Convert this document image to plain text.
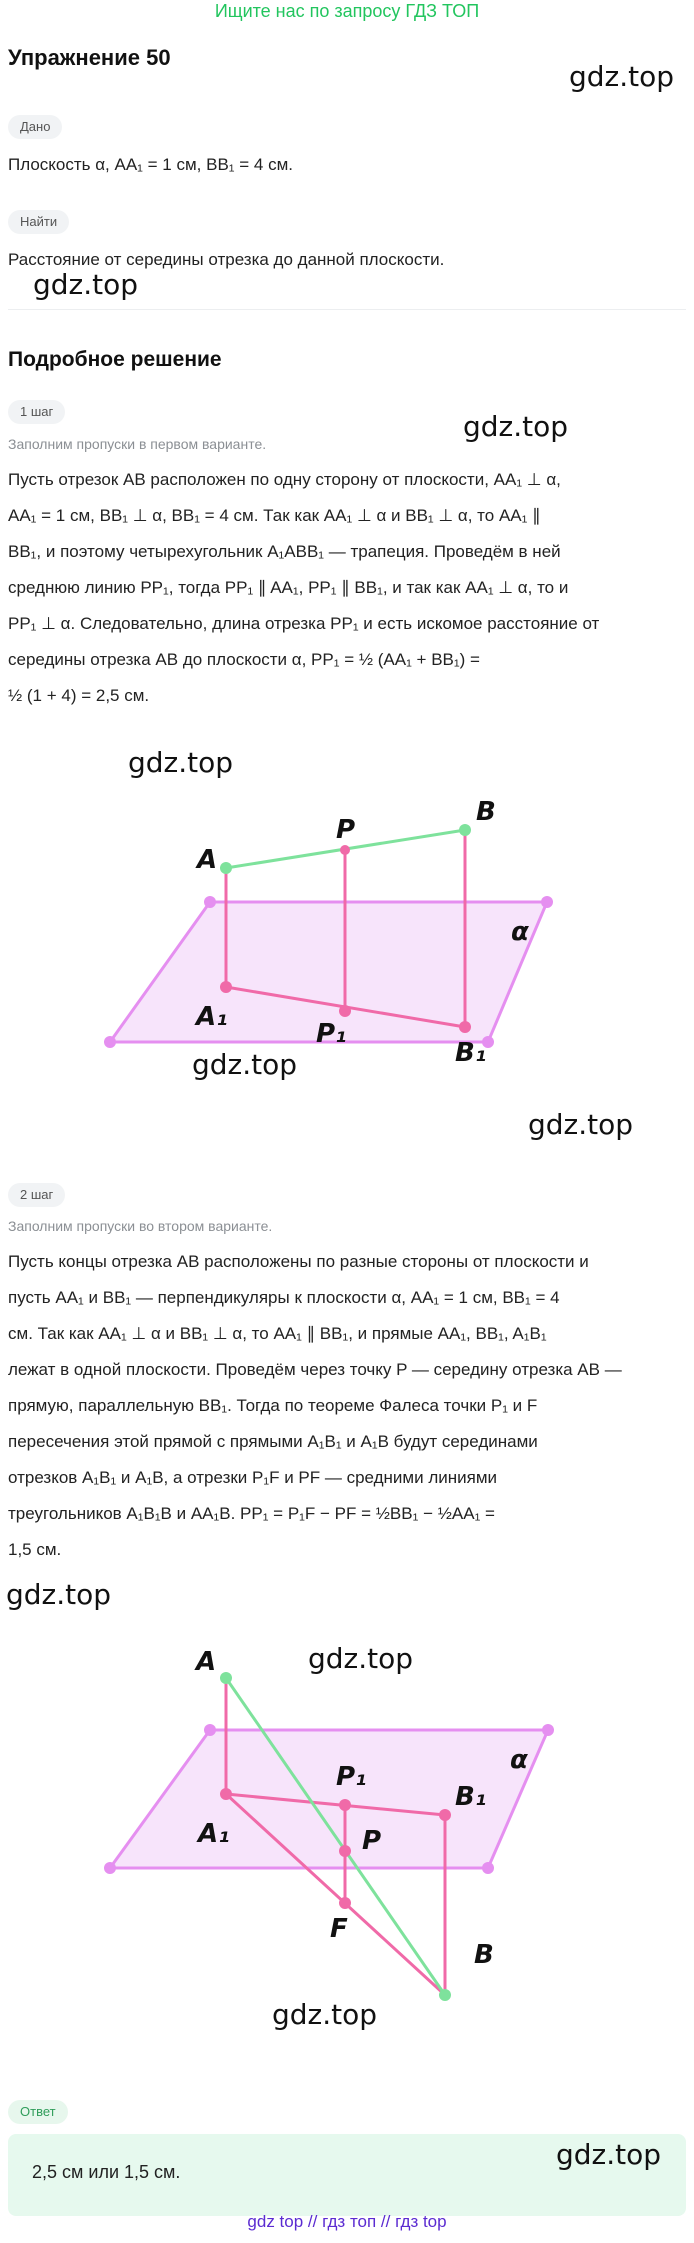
Ищите нас по запросу ГДЗ ТОП
Упражнение 50
gdz.top
Дано
Плоскость α, AA₁ = 1 см, BB₁ = 4 см.
Найти
Расстояние от середины отрезка до данной плоскости.
gdz.top
Подробное решение
1 шаг
Заполним пропуски в первом варианте.
gdz.top
Пусть отрезок AB расположен по одну сторону от плоскости, AA₁ ⊥ α,
AA₁ = 1 см, BB₁ ⊥ α, BB₁ = 4 см. Так как AA₁ ⊥ α и BB₁ ⊥ α, то AA₁ ∥
BB₁, и поэтому четырехугольник A₁ABB₁ — трапеция. Проведём в ней
среднюю линию PP₁, тогда PP₁ ∥ AA₁, PP₁ ∥ BB₁, и так как AA₁ ⊥ α, то и
PP₁ ⊥ α. Следовательно, длина отрезка PP₁ и есть искомое расстояние от
середины отрезка AB до плоскости α, PP₁ = ½ (AA₁ + BB₁) =
½ (1 + 4) = 2,5 см.
gdz.top
A
P
B
A₁
P₁
B₁
α
gdz.top
gdz.top
2 шаг
Заполним пропуски во втором варианте.
Пусть концы отрезка AB расположены по разные стороны от плоскости и
пусть AA₁ и BB₁ — перпендикуляры к плоскости α, AA₁ = 1 см, BB₁ = 4
см. Так как AA₁ ⊥ α и BB₁ ⊥ α, то AA₁ ∥ BB₁, и прямые AA₁, BB₁, A₁B₁
лежат в одной плоскости. Проведём через точку P — середину отрезка AB —
прямую, параллельную BB₁. Тогда по теореме Фалеса точки P₁ и F
пересечения этой прямой с прямыми A₁B₁ и A₁B будут серединами
отрезков A₁B₁ и A₁B, а отрезки P₁F и PF — средними линиями
треугольников A₁B₁B и AA₁B. PP₁ = P₁F − PF = ½BB₁ − ½AA₁ =
1,5 см.
gdz.top
gdz.top
A
P₁
B₁
A₁	P
F
B
α
gdz.top
Ответ
2,5 см или 1,5 см.
gdz.top
gdz top // гдз топ // гдз top
